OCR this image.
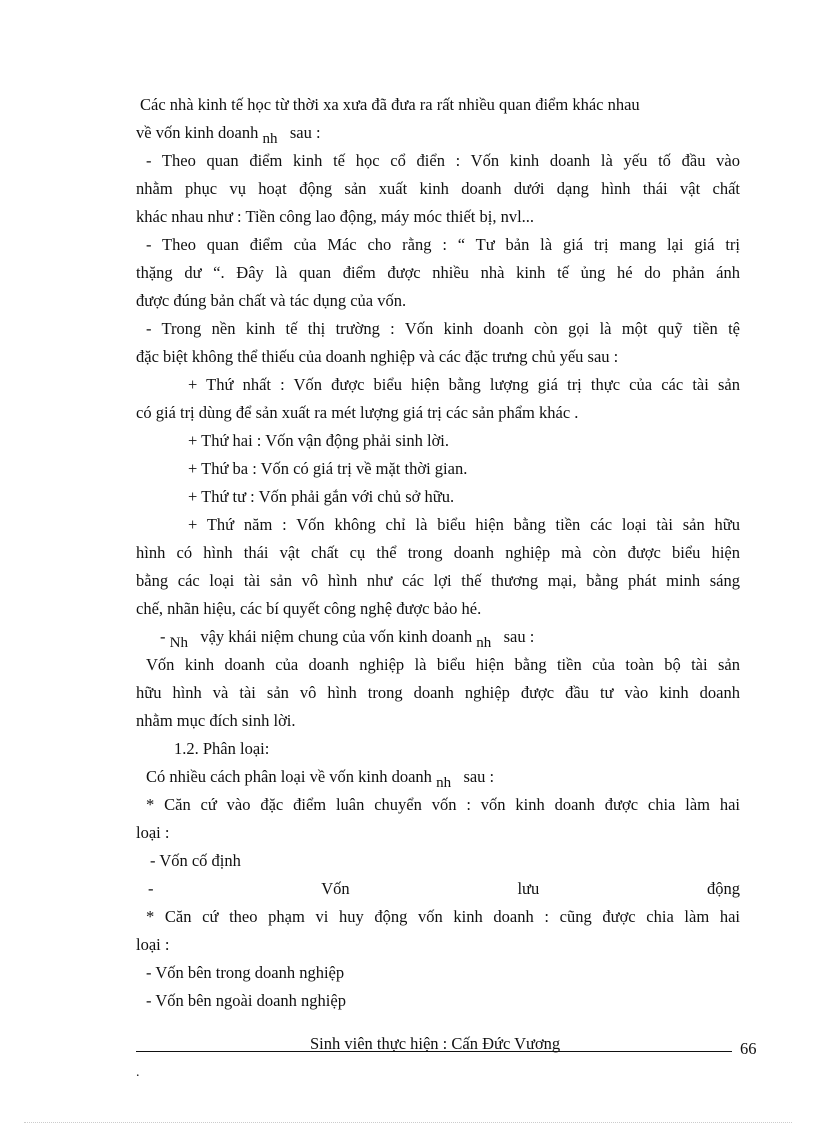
Các nhà kinh tế học từ thời xa xưa đã đưa ra rất nhiều quan điểm khác nhau
về vốn kinh doanh nh sau :
- Theo quan điểm kinh tế học cổ điển : Vốn kinh doanh là yếu tố đầu vào
nhằm phục vụ hoạt động sản xuất kinh doanh dưới dạng hình thái vật chất
khác nhau như : Tiền công lao động, máy móc thiết bị, nvl...
- Theo quan điểm của Mác cho rằng : “ Tư bản là giá trị mang lại giá trị
thặng dư “. Đây là quan điểm được nhiều nhà kinh tế ủng hé do phản ánh
được đúng bản chất và tác dụng của vốn.
- Trong nền kinh tế thị trường : Vốn kinh doanh còn gọi là một quỹ tiền tệ
đặc biệt không thể thiếu của doanh nghiệp và các đặc trưng chủ yếu sau :
+ Thứ nhất : Vốn được biểu hiện bằng lượng giá trị thực của các tài sản
có giá trị dùng để sản xuất ra mét lượng giá trị các sản phẩm khác .
+ Thứ hai : Vốn vận động phải sinh lời.
+ Thứ ba : Vốn có giá trị về mặt thời gian.
+ Thứ tư : Vốn phải gắn với chủ sở hữu.
+ Thứ năm : Vốn không chỉ là biểu hiện bằng tiền các loại tài sản hữu
hình có hình thái vật chất cụ thể trong doanh nghiệp mà còn được biểu hiện
bằng các loại tài sản vô hình như các lợi thế thương mại, bằng phát minh sáng
chế, nhãn hiệu, các bí quyết công nghệ được bảo hé.
- Nh vậy khái niệm chung của vốn kinh doanh nh sau :
Vốn kinh doanh của doanh nghiệp là biểu hiện bằng tiền của toàn bộ tài sản
hữu hình và tài sản vô hình trong doanh nghiệp được đầu tư vào kinh doanh
nhằm mục đích sinh lời.
1.2. Phân loại:
Có nhiều cách phân loại về vốn kinh doanh nh sau :
* Căn cứ vào đặc điểm luân chuyển vốn : vốn kinh doanh được chia làm hai
loại :
- Vốn cố định
-	Vốn	lưu	động
* Căn cứ theo phạm vi huy động vốn kinh doanh : cũng được chia làm hai
loại :
- Vốn bên trong doanh nghiệp
- Vốn bên ngoài doanh nghiệp
Sinh viên thực hiện : Cấn Đức Vương	66
.
